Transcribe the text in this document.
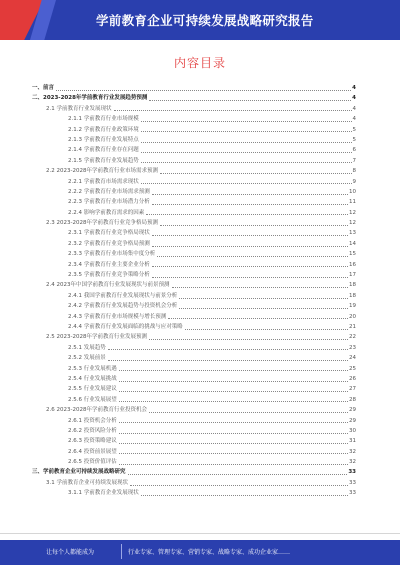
学前教育企业可持续发展战略研究报告
内容目录
一、前言	4
二、2023-2028年学前教育行业发展趋势预测	4
2.1 学前教育行业发展现状	4
2.1.1 学前教育行业市场规模	4
2.1.2 学前教育行业政策环境	5
2.1.3 学前教育行业发展特点	5
2.1.4 学前教育行业存在问题	6
2.1.5 学前教育行业发展趋势	7
2.2 2023-2028年学前教育行业市场需求预测	8
2.2.1 学前教育市场需求现状	9
2.2.2 学前教育行业市场需求预测	10
2.2.3 学前教育行业市场潜力分析	11
2.2.4 影响学前教育需求的因素	12
2.3 2023-2028年学前教育行业竞争格局预测	12
2.3.1 学前教育行业竞争格局现状	13
2.3.2 学前教育行业竞争格局预测	14
2.3.3 学前教育行业市场集中度分析	15
2.3.4 学前教育行业主要企业分析	16
2.3.5 学前教育行业竞争策略分析	17
2.4 2023年中国学前教育行业发展现状与前景预测	18
2.4.1 我国学前教育行业发展现状与前景分析	18
2.4.2 学前教育行业发展趋势与投资机会分析	19
2.4.3 学前教育行业市场规模与增长预测	20
2.4.4 学前教育行业发展面临的挑战与应对策略	21
2.5 2023-2028年学前教育行业发展预测	22
2.5.1 发展趋势	23
2.5.2 发展前景	24
2.5.3 行业发展机遇	25
2.5.4 行业发展挑战	26
2.5.5 行业发展建议	27
2.5.6 行业发展展望	28
2.6 2023-2028年学前教育行业投资机会	29
2.6.1 投资机会分析	29
2.6.2 投资风险分析	30
2.6.3 投资策略建议	31
2.6.4 投资前景展望	32
2.6.5 投资价值评估	32
三、学前教育企业可持续发展战略研究	33
3.1 学前教育企业可持续发展现状	33
3.1.1 学前教育企业发展现状	33
让每个人都能成为	行业专家、管理专家、营销专家、战略专家、成功企业家……
